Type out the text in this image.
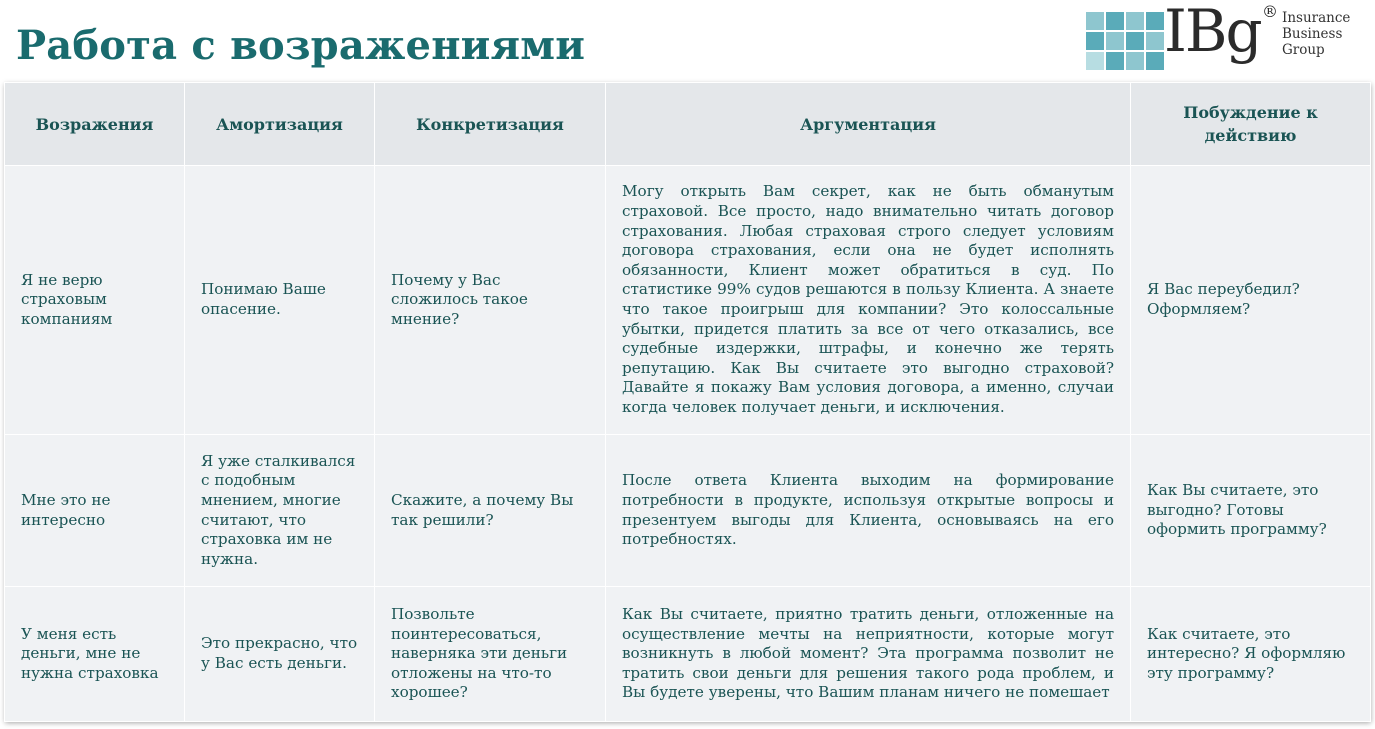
Работа с возражениями	IBg ® Insurance
Business
Group
Возражения	Амортизация	Конкретизация	Аргументация	Побуждение к действию
Я не верю страховым компаниям	Понимаю Ваше опасение.	Почему у Вас сложилось такое мнение?	Могу открыть Вам секрет, как не быть обманутым страховой. Все просто, надо внимательно читать договор страхования. Любая страховая строго следует условиям договора страхования, если она не будет исполнять обязанности, Клиент может обратиться в суд. По статистике 99% судов решаются в пользу Клиента. А знаете что такое проигрыш для компании? Это колоссальные убытки, придется платить за все от чего отказались, все судебные издержки, штрафы, и конечно же терять репутацию. Как Вы считаете это выгодно страховой? Давайте я покажу Вам условия договора, а именно, случаи когда человек получает деньги, и исключения.	Я Вас переубедил? Оформляем?
Мне это не интересно	Я уже сталкивался с подобным мнением, многие считают, что страховка им не нужна.	Скажите, а почему Вы так решили?	После ответа Клиента выходим на формирование потребности в продукте, используя открытые вопросы и презентуем выгоды для Клиента, основываясь на его потребностях.	Как Вы считаете, это выгодно? Готовы оформить программу?
У меня есть деньги, мне не нужна страховка	Это прекрасно, что у Вас есть деньги.	Позвольте поинтересоваться, наверняка эти деньги отложены на что-то хорошее?	Как Вы считаете, приятно тратить деньги, отложенные на осуществление мечты на неприятности, которые могут возникнуть в любой момент? Эта программа позволит не тратить свои деньги для решения такого рода проблем, и Вы будете уверены, что Вашим планам ничего не помешает	Как считаете, это интересно? Я оформляю эту программу?
